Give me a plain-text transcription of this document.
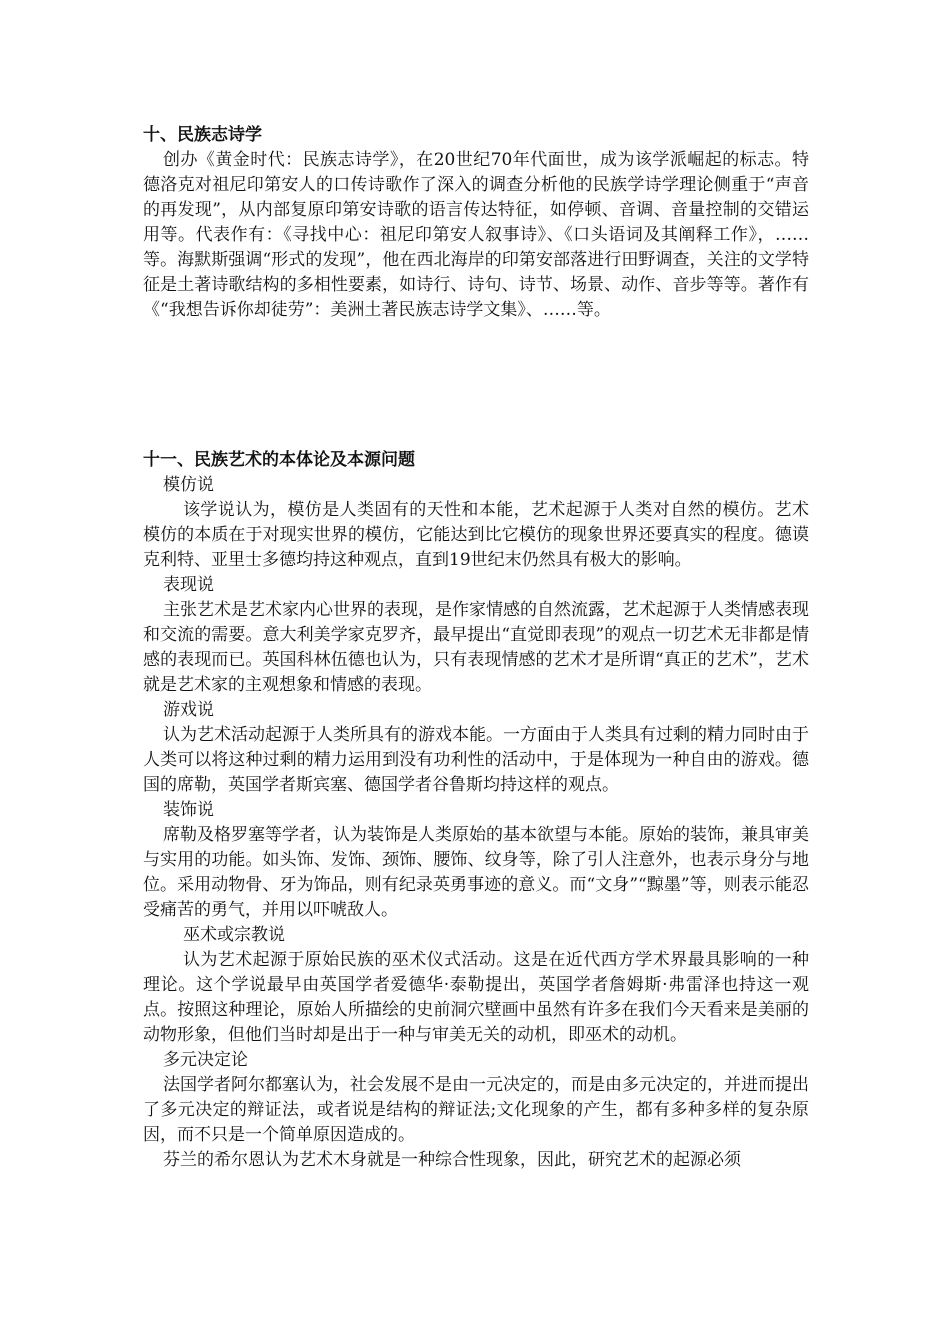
十、民族志诗学

创办《黄金时代：民族志诗学》，在20世纪70年代面世，成为该学派崛起的标志。特德洛克对祖尼印第安人的口传诗歌作了深入的调查分析他的民族学诗学理论侧重于“声音的再发现”，从内部复原印第安诗歌的语言传达特征，如停顿、音调、音量控制的交错运用等。代表作有：《寻找中心：祖尼印第安人叙事诗》、《口头语词及其阐释工作》，……等。海默斯强调“形式的发现”，他在西北海岸的印第安部落进行田野调查，关注的文学特征是土著诗歌结构的多相性要素，如诗行、诗句、诗节、场景、动作、音步等等。著作有《“我想告诉你却徒劳”：美洲土著民族志诗学文集》、……等。

十一、民族艺术的本体论及本源问题

模仿说

该学说认为，模仿是人类固有的天性和本能，艺术起源于人类对自然的模仿。艺术模仿的本质在于对现实世界的模仿，它能达到比它模仿的现象世界还要真实的程度。德谟克利特、亚里士多德均持这种观点，直到19世纪末仍然具有极大的影响。

表现说

主张艺术是艺术家内心世界的表现，是作家情感的自然流露，艺术起源于人类情感表现和交流的需要。意大利美学家克罗齐，最早提出“直觉即表现”的观点一切艺术无非都是情感的表现而已。英国科林伍德也认为，只有表现情感的艺术才是所谓“真正的艺术”，艺术就是艺术家的主观想象和情感的表现。

游戏说

认为艺术活动起源于人类所具有的游戏本能。一方面由于人类具有过剩的精力同时由于人类可以将这种过剩的精力运用到没有功利性的活动中，于是体现为一种自由的游戏。德国的席勒，英国学者斯宾塞、德国学者谷鲁斯均持这样的观点。

装饰说

席勒及格罗塞等学者，认为装饰是人类原始的基本欲望与本能。原始的装饰，兼具审美与实用的功能。如头饰、发饰、颈饰、腰饰、纹身等，除了引人注意外，也表示身分与地位。采用动物骨、牙为饰品，则有纪录英勇事迹的意义。而“文身”“黥墨”等，则表示能忍受痛苦的勇气，并用以吓唬敌人。

巫术或宗教说

认为艺术起源于原始民族的巫术仪式活动。这是在近代西方学术界最具影响的一种理论。这个学说最早由英国学者爱德华·泰勒提出，英国学者詹姆斯·弗雷泽也持这一观点。按照这种理论，原始人所描绘的史前洞穴壁画中虽然有许多在我们今天看来是美丽的动物形象，但他们当时却是出于一种与审美无关的动机，即巫术的动机。

多元决定论

法国学者阿尔都塞认为，社会发展不是由一元决定的，而是由多元决定的，并进而提出了多元决定的辩证法，或者说是结构的辩证法;文化现象的产生，都有多种多样的复杂原因，而不只是一个简单原因造成的。

芬兰的希尔恩认为艺术木身就是一种综合性现象，因此，研究艺术的起源必须
